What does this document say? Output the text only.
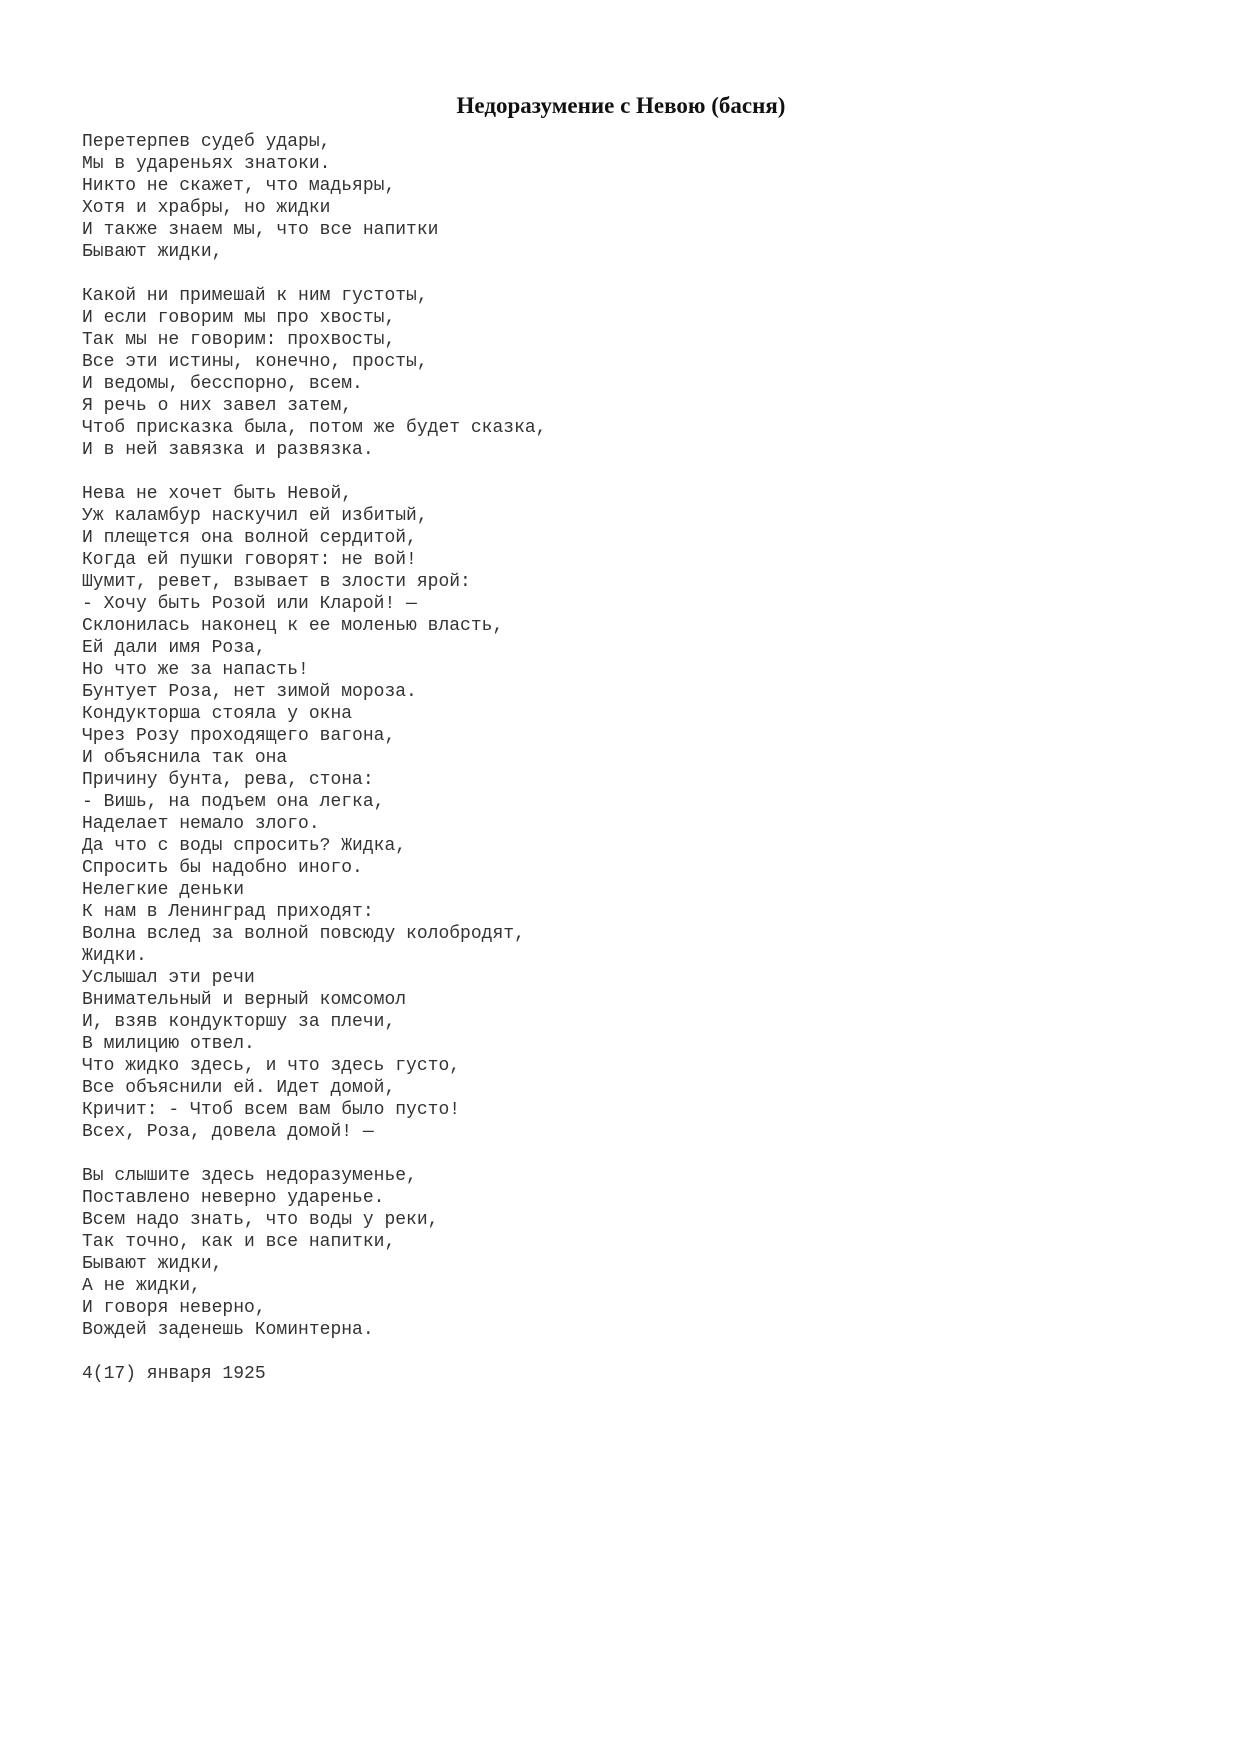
Недоразумение с Невою (басня)
Перетерпев судеб удары,
Мы в удареньях знатоки.
Никто не скажет, что мадьяры,
Хотя и храбры, но жидки
И также знаем мы, что все напитки
Бывают жидки,
Какой ни примешай к ним густоты,
И если говорим мы про хвосты,
Так мы не говорим: прохвосты,
Все эти истины, конечно, просты,
И ведомы, бесспорно, всем.
Я речь о них завел затем,
Чтоб присказка была, потом же будет сказка,
И в ней завязка и развязка.
Нева не хочет быть Невой,
Уж каламбур наскучил ей избитый,
И плещется она волной сердитой,
Когда ей пушки говорят: не вой!
Шумит, ревет, взывает в злости ярой:
- Хочу быть Розой или Кларой! —
Склонилась наконец к ее моленью власть,
Ей дали имя Роза,
Но что же за напасть!
Бунтует Роза, нет зимой мороза.
Кондукторша стояла у окна
Чрез Розу проходящего вагона,
И объяснила так она
Причину бунта, рева, стона:
- Вишь, на подъем она легка,
Наделает немало злого.
Да что с воды спросить? Жидка,
Спросить бы надобно иного.
Нелегкие деньки
К нам в Ленинград приходят:
Волна вслед за волной повсюду колобродят,
Жидки.
Услышал эти речи
Внимательный и верный комсомол
И, взяв кондукторшу за плечи,
В милицию отвел.
Что жидко здесь, и что здесь густо,
Все объяснили ей. Идет домой,
Кричит: - Чтоб всем вам было пусто!
Всех, Роза, довела домой! —
Вы слышите здесь недоразуменье,
Поставлено неверно ударенье.
Всем надо знать, что воды у реки,
Так точно, как и все напитки,
Бывают жидки,
А не жидки,
И говоря неверно,
Вождей заденешь Коминтерна.
4(17) января 1925
